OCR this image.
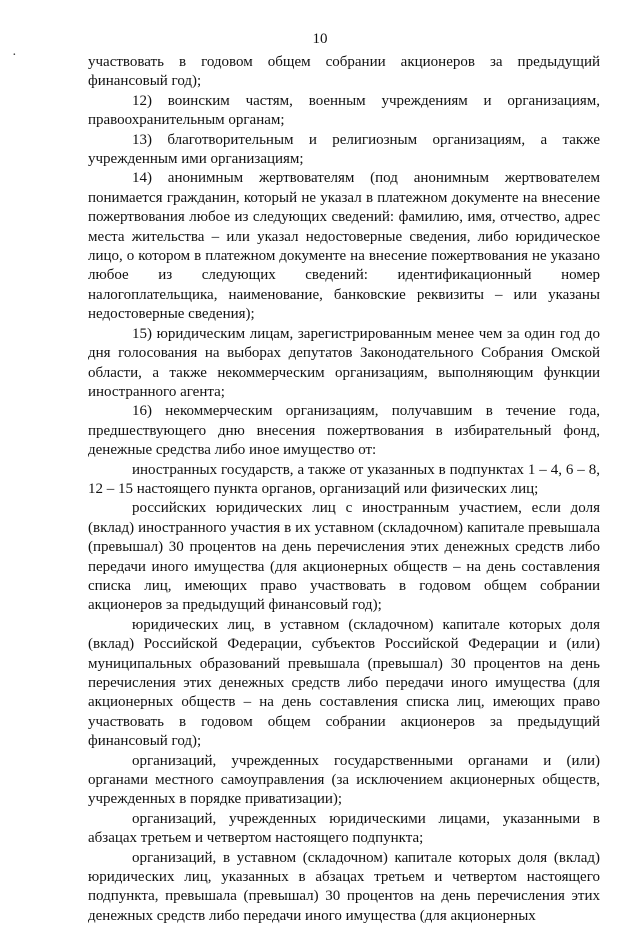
·
10

участвовать в годовом общем собрании акционеров за предыдущий финансовый год);

12) воинским частям, военным учреждениям и организациям, правоохранительным органам;

13) благотворительным и религиозным организациям, а также учрежденным ими организациям;

14) анонимным жертвователям (под анонимным жертвователем понимается гражданин, который не указал в платежном документе на внесение пожертвования любое из следующих сведений: фамилию, имя, отчество, адрес места жительства – или указал недостоверные сведения, либо юридическое лицо, о котором в платежном документе на внесение пожертвования не указано любое из следующих сведений: идентификационный номер налогоплательщика, наименование, банковские реквизиты – или указаны недостоверные сведения);

15) юридическим лицам, зарегистрированным менее чем за один год до дня голосования на выборах депутатов Законодательного Собрания Омской области, а также некоммерческим организациям, выполняющим функции иностранного агента;

16) некоммерческим организациям, получавшим в течение года, предшествующего дню внесения пожертвования в избирательный фонд, денежные средства либо иное имущество от:

иностранных государств, а также от указанных в подпунктах 1 – 4, 6 – 8, 12 – 15 настоящего пункта органов, организаций или физических лиц;

российских юридических лиц с иностранным участием, если доля (вклад) иностранного участия в их уставном (складочном) капитале превышала (превышал) 30 процентов на день перечисления этих денежных средств либо передачи иного имущества (для акционерных обществ – на день составления списка лиц, имеющих право участвовать в годовом общем собрании акционеров за предыдущий финансовый год);

юридических лиц, в уставном (складочном) капитале которых доля (вклад) Российской Федерации, субъектов Российской Федерации и (или) муниципальных образований превышала (превышал) 30 процентов на день перечисления этих денежных средств либо передачи иного имущества (для акционерных обществ – на день составления списка лиц, имеющих право участвовать в годовом общем собрании акционеров за предыдущий финансовый год);

организаций, учрежденных государственными органами и (или) органами местного самоуправления (за исключением акционерных обществ, учрежденных в порядке приватизации);

организаций, учрежденных юридическими лицами, указанными в абзацах третьем и четвертом настоящего подпункта;

организаций, в уставном (складочном) капитале которых доля (вклад) юридических лиц, указанных в абзацах третьем и четвертом настоящего подпункта, превышала (превышал) 30 процентов на день перечисления этих денежных средств либо передачи иного имущества (для акционерных
